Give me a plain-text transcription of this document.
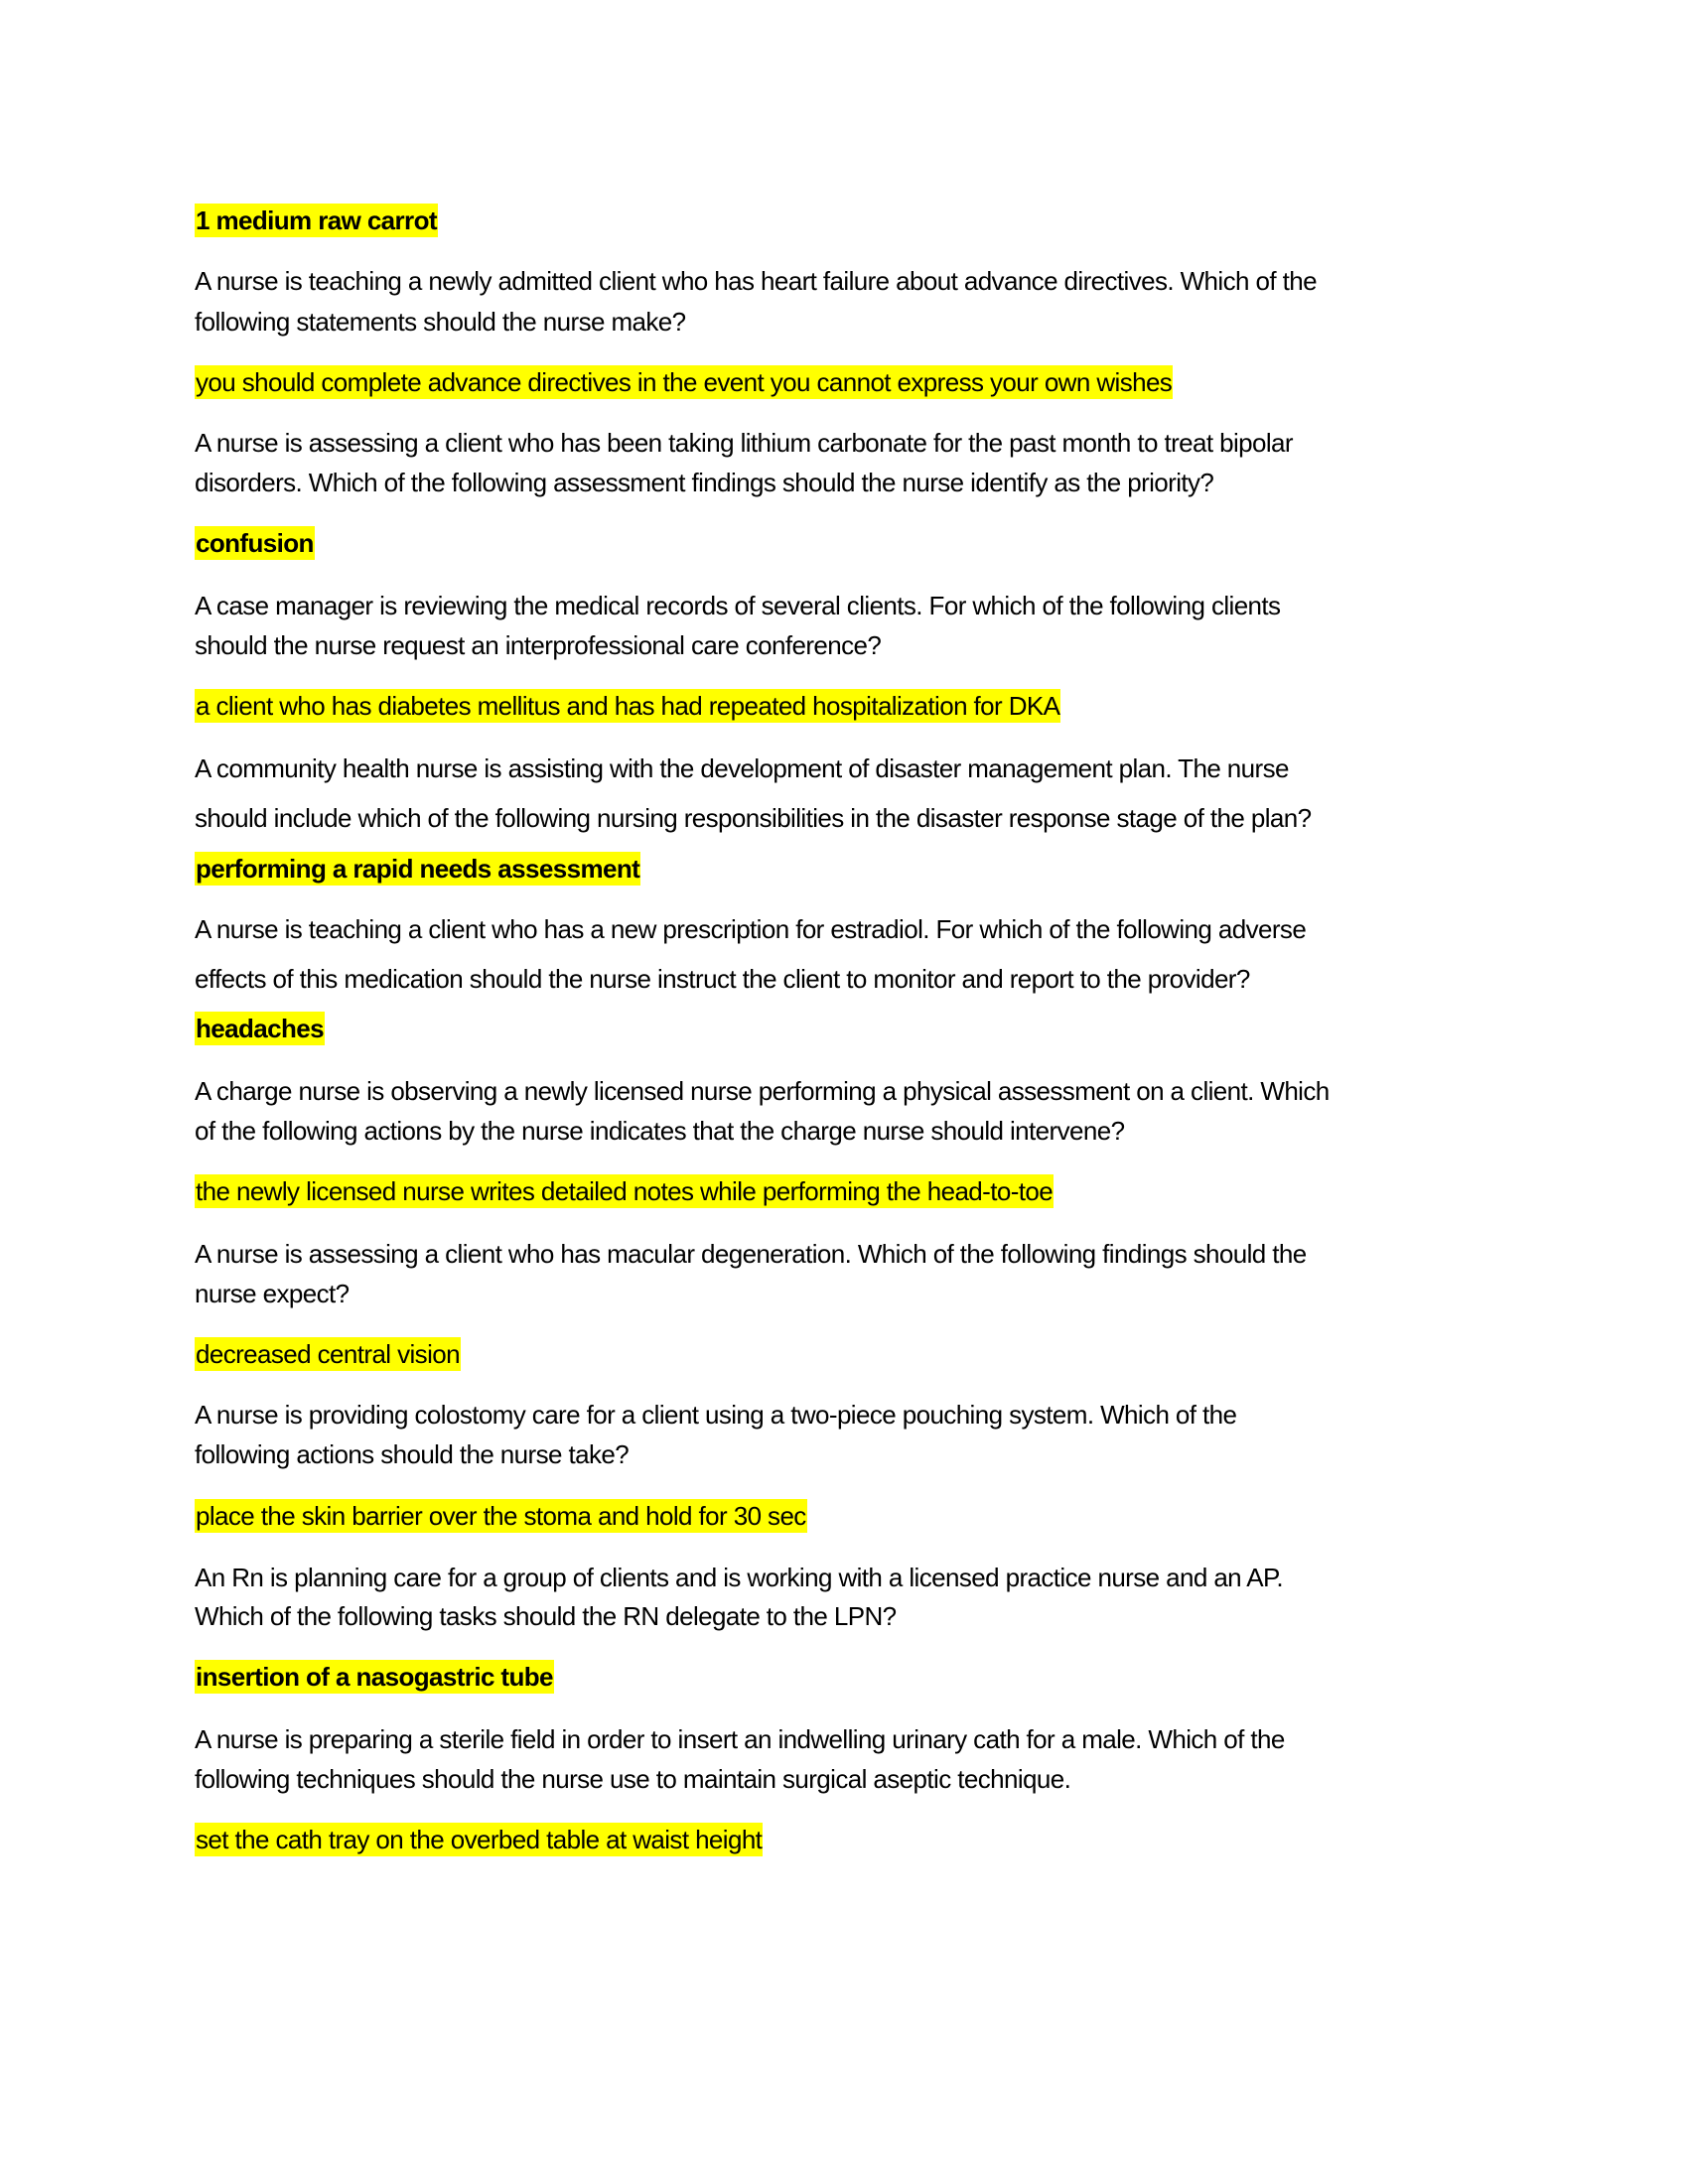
1 medium raw carrot
A nurse is teaching a newly admitted client who has heart failure about advance directives. Which of the
following statements should the nurse make?
you should complete advance directives in the event you cannot express your own wishes
A nurse is assessing a client who has been taking lithium carbonate for the past month to treat bipolar
disorders. Which of the following assessment findings should the nurse identify as the priority?
confusion
A case manager is reviewing the medical records of several clients. For which of the following clients
should the nurse request an interprofessional care conference?
a client who has diabetes mellitus and has had repeated hospitalization for DKA
A community health nurse is assisting with the development of disaster management plan. The nurse
should include which of the following nursing responsibilities in the disaster response stage of the plan?
performing a rapid needs assessment
A nurse is teaching a client who has a new prescription for estradiol. For which of the following adverse
effects of this medication should the nurse instruct the client to monitor and report to the provider?
headaches
A charge nurse is observing a newly licensed nurse performing a physical assessment on a client. Which
of the following actions by the nurse indicates that the charge nurse should intervene?
the newly licensed nurse writes detailed notes while performing the head-to-toe
A nurse is assessing a client who has macular degeneration. Which of the following findings should the
nurse expect?
decreased central vision
A nurse is providing colostomy care for a client using a two-piece pouching system. Which of the
following actions should the nurse take?
place the skin barrier over the stoma and hold for 30 sec
An Rn is planning care for a group of clients and is working with a licensed practice nurse and an AP.
Which of the following tasks should the RN delegate to the LPN?
insertion of a nasogastric tube
A nurse is preparing a sterile field in order to insert an indwelling urinary cath for a male. Which of the
following techniques should the nurse use to maintain surgical aseptic technique.
set the cath tray on the overbed table at waist height
